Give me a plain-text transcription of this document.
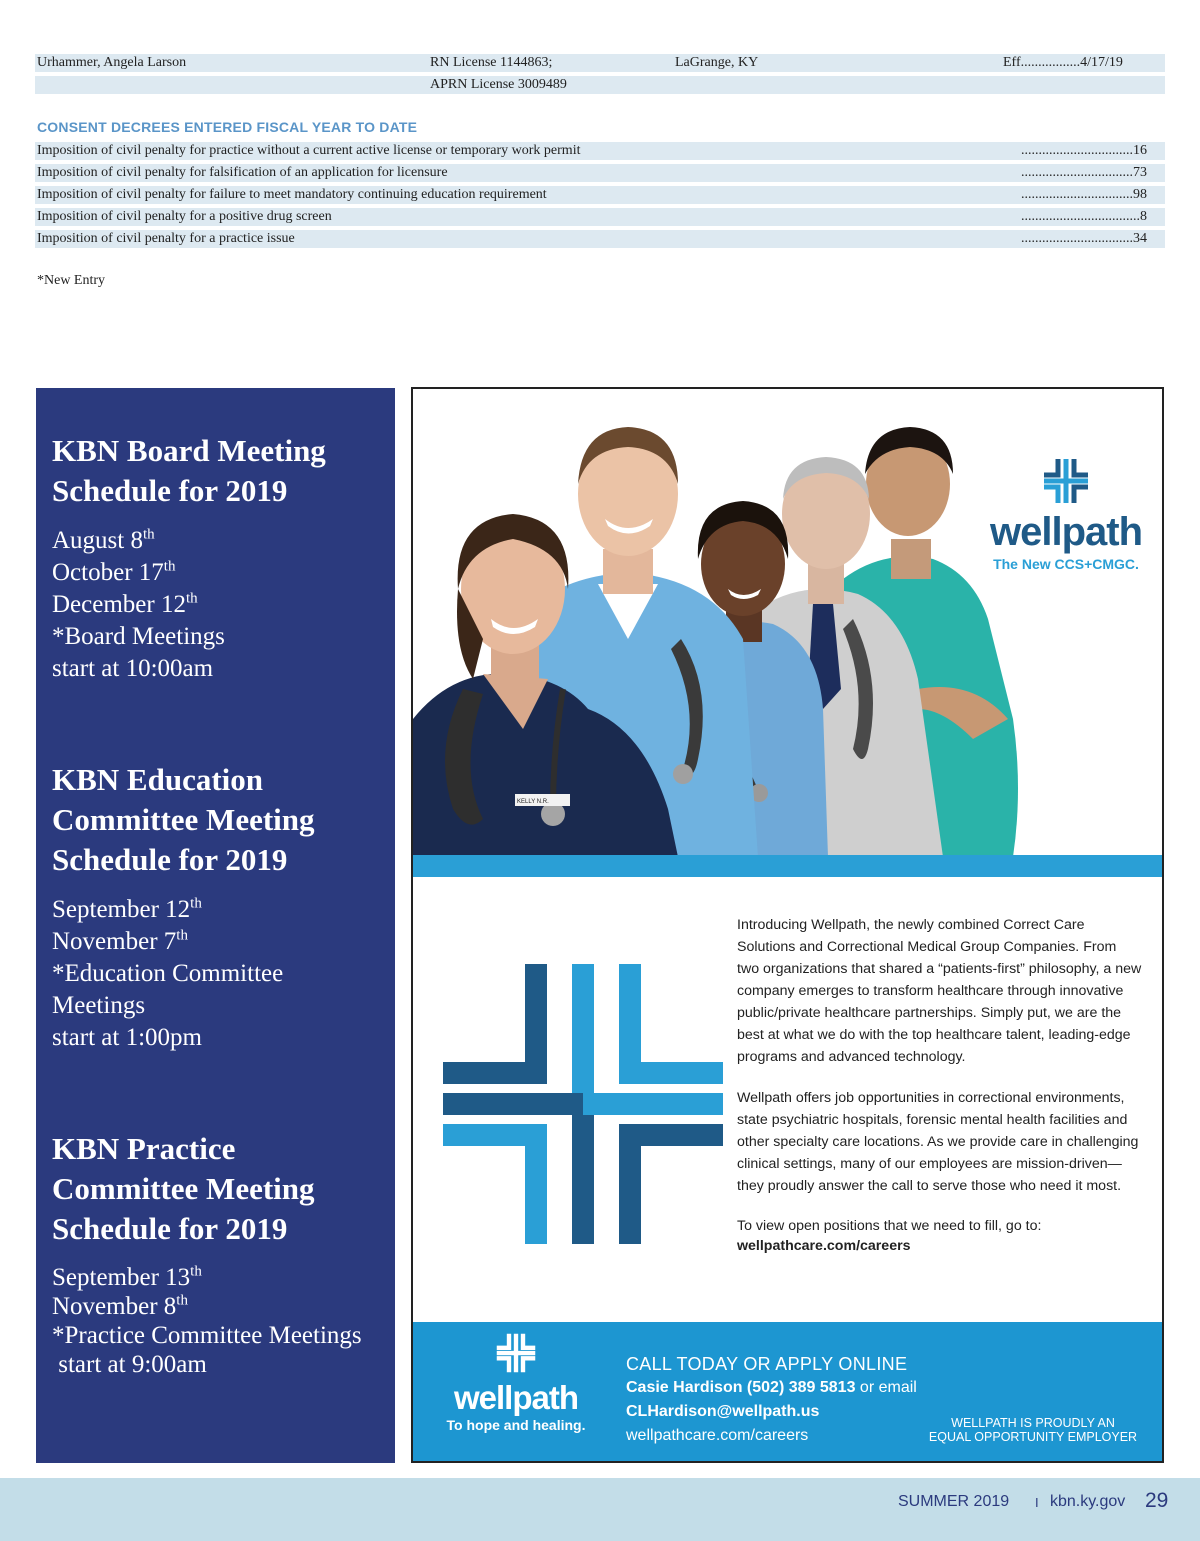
Urhammer, Angela Larson	RN License 1144863;	LaGrange, KY	Eff.................4/17/19
APRN License 3009489
CONSENT DECREES ENTERED FISCAL YEAR TO DATE
Imposition of civil penalty for practice without a current active license or temporary work permit	................................16
Imposition of civil penalty for falsification of an application for licensure	................................73
Imposition of civil penalty for failure to meet mandatory continuing education requirement	................................98
Imposition of civil penalty for a positive drug screen	..................................8
Imposition of civil penalty for a practice issue	................................34
*New Entry
KBN Board Meeting
Schedule for 2019
August 8th
October 17th
December 12th
*Board Meetings
start at 10:00am
KBN Education
Committee Meeting
Schedule for 2019
September 12th
November 7th
*Education Committee
Meetings
start at 1:00pm
KBN Practice
Committee Meeting
Schedule for 2019
September 13th
November 8th
*Practice Committee Meetings
start at 9:00am
KELLY N.R.
wellpath
The New CCS+CMGC.

Introducing Wellpath, the newly combined Correct Care Solutions and Correctional Medical Group Companies. From two organizations that shared a “patients-first” philosophy, a new company emerges to transform healthcare through innovative public/private healthcare partnerships. Simply put, we are the best at what we do with the top healthcare talent, leading-edge programs and advanced technology.

Wellpath offers job opportunities in correctional environments, state psychiatric hospitals, forensic mental health facilities and other specialty care locations. As we provide care in challenging clinical settings, many of our employees are mission-driven—they proudly answer the call to serve those who need it most.

To view open positions that we need to fill, go to:
wellpathcare.com/careers

wellpath
To hope and healing.
CALL TODAY OR APPLY ONLINE
Casie Hardison (502) 389 5813 or email
CLHardison@wellpath.us
wellpathcare.com/careers
WELLPATH IS PROUDLY AN
EQUAL OPPORTUNITY EMPLOYER
SUMMER 2019 I kbn.ky.gov 29
